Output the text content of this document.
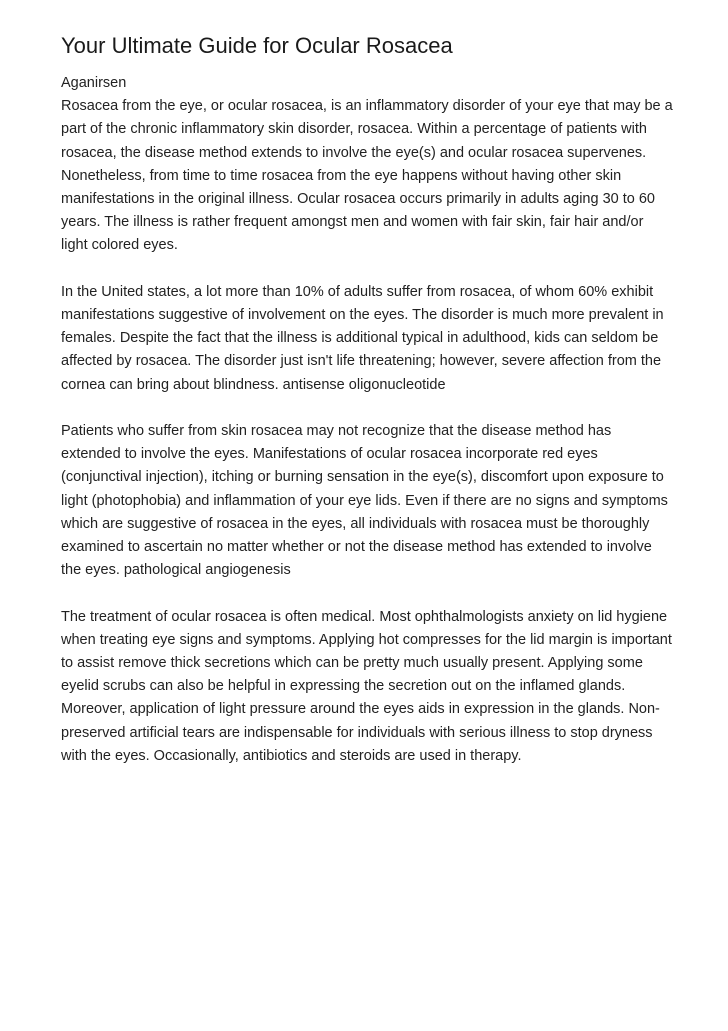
Your Ultimate Guide for Ocular Rosacea

Aganirsen

Rosacea from the eye, or ocular rosacea, is an inflammatory disorder of your eye that may be a part of the chronic inflammatory skin disorder, rosacea. Within a percentage of patients with rosacea, the disease method extends to involve the eye(s) and ocular rosacea supervenes. Nonetheless, from time to time rosacea from the eye happens without having other skin manifestations in the original illness. Ocular rosacea occurs primarily in adults aging 30 to 60 years. The illness is rather frequent amongst men and women with fair skin, fair hair and/or light colored eyes.

In the United states, a lot more than 10% of adults suffer from rosacea, of whom 60% exhibit manifestations suggestive of involvement on the eyes. The disorder is much more prevalent in females. Despite the fact that the illness is additional typical in adulthood, kids can seldom be affected by rosacea. The disorder just isn't life threatening; however, severe affection from the cornea can bring about blindness. antisense oligonucleotide

Patients who suffer from skin rosacea may not recognize that the disease method has extended to involve the eyes. Manifestations of ocular rosacea incorporate red eyes (conjunctival injection), itching or burning sensation in the eye(s), discomfort upon exposure to light (photophobia) and inflammation of your eye lids. Even if there are no signs and symptoms which are suggestive of rosacea in the eyes, all individuals with rosacea must be thoroughly examined to ascertain no matter whether or not the disease method has extended to involve the eyes. pathological angiogenesis

The treatment of ocular rosacea is often medical. Most ophthalmologists anxiety on lid hygiene when treating eye signs and symptoms. Applying hot compresses for the lid margin is important to assist remove thick secretions which can be pretty much usually present. Applying some eyelid scrubs can also be helpful in expressing the secretion out on the inflamed glands. Moreover, application of light pressure around the eyes aids in expression in the glands. Non-preserved artificial tears are indispensable for individuals with serious illness to stop dryness with the eyes. Occasionally, antibiotics and steroids are used in therapy.
